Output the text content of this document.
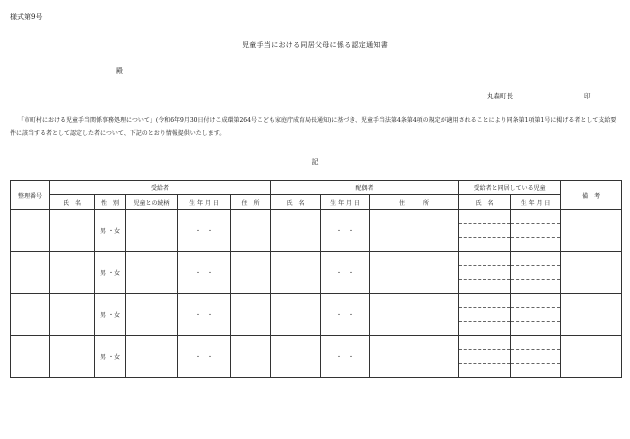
様式第9号
児童手当における同居父母に係る認定通知書
殿
丸森町長	印
「市町村における児童手当関係事務処理について」(令和6年9月30日付けこ成環第264号こども家庭庁成育局長通知)に基づき、児童手当法第4条第4項の規定が適用されることにより同条第1項第1号に掲げる者として支給要件に該当する者として認定した者について、下記のとおり情報提供いたします。
記
整理番号	受給者					配偶者			受給者と同居している児童		備　考
	氏　名	性　別	児童との続柄	生 年 月 日	住　所	氏　名	生 年 月 日	住　　　所	氏　名	生 年 月 日	
		男 ・女		・　・			・　・				

		男 ・女		・　・			・　・				

		男 ・女		・　・			・　・				

		男 ・女		・　・			・　・				
